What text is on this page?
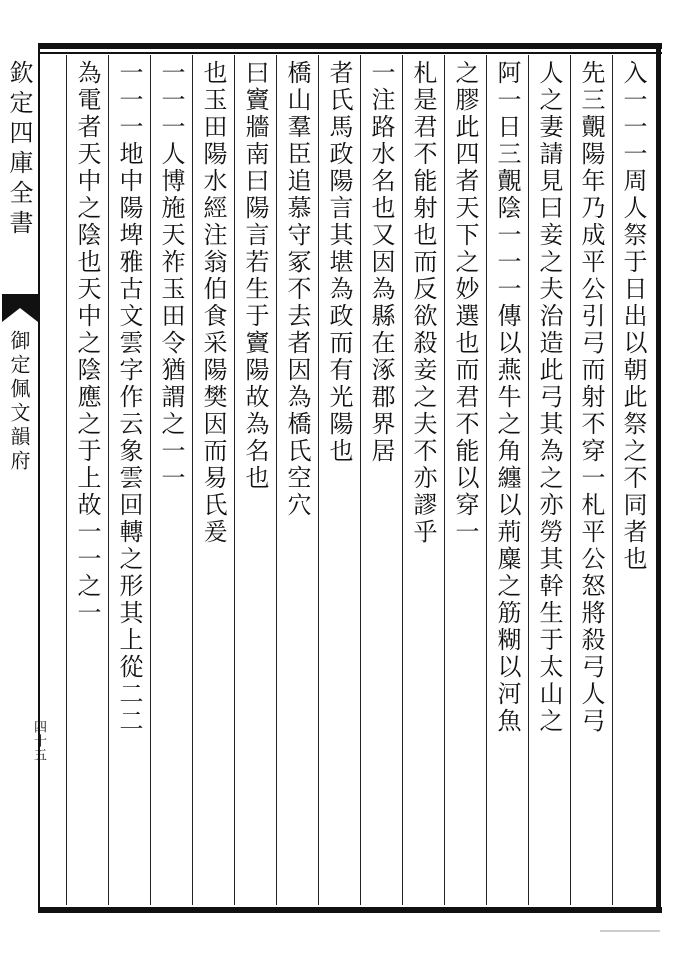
欽定四庫全書
御定佩文韻府
四十五
入一一一周人祭于日出以朝此祭之不同者也
先三覿陽年乃成平公引弓而射不穿一札平公怒將殺弓人弓
人之妻請見曰妾之夫治造此弓其為之亦勞其幹生于太山之
阿一日三覿陰一一一傳以燕牛之角纏以荊麋之筋糊以河魚
之膠此四者天下之妙選也而君不能以穿一
札是君不能射也而反欲殺妾之夫不亦謬乎
一注路水名也又因為縣在涿郡界居
者氏馬政陽言其堪為政而有光陽也
橋山羣臣追慕守冢不去者因為橋氏空穴
曰竇牆南曰陽言若生于竇陽故為名也
也玉田陽水經注翁伯食采陽樊因而易氏爰
一一一人博施天祚玉田令猶謂之一一
一一一地中陽埤雅古文雲字作云象雲回轉之形其上從二二
為電者天中之陰也天中之陰應之于上故一一之一
